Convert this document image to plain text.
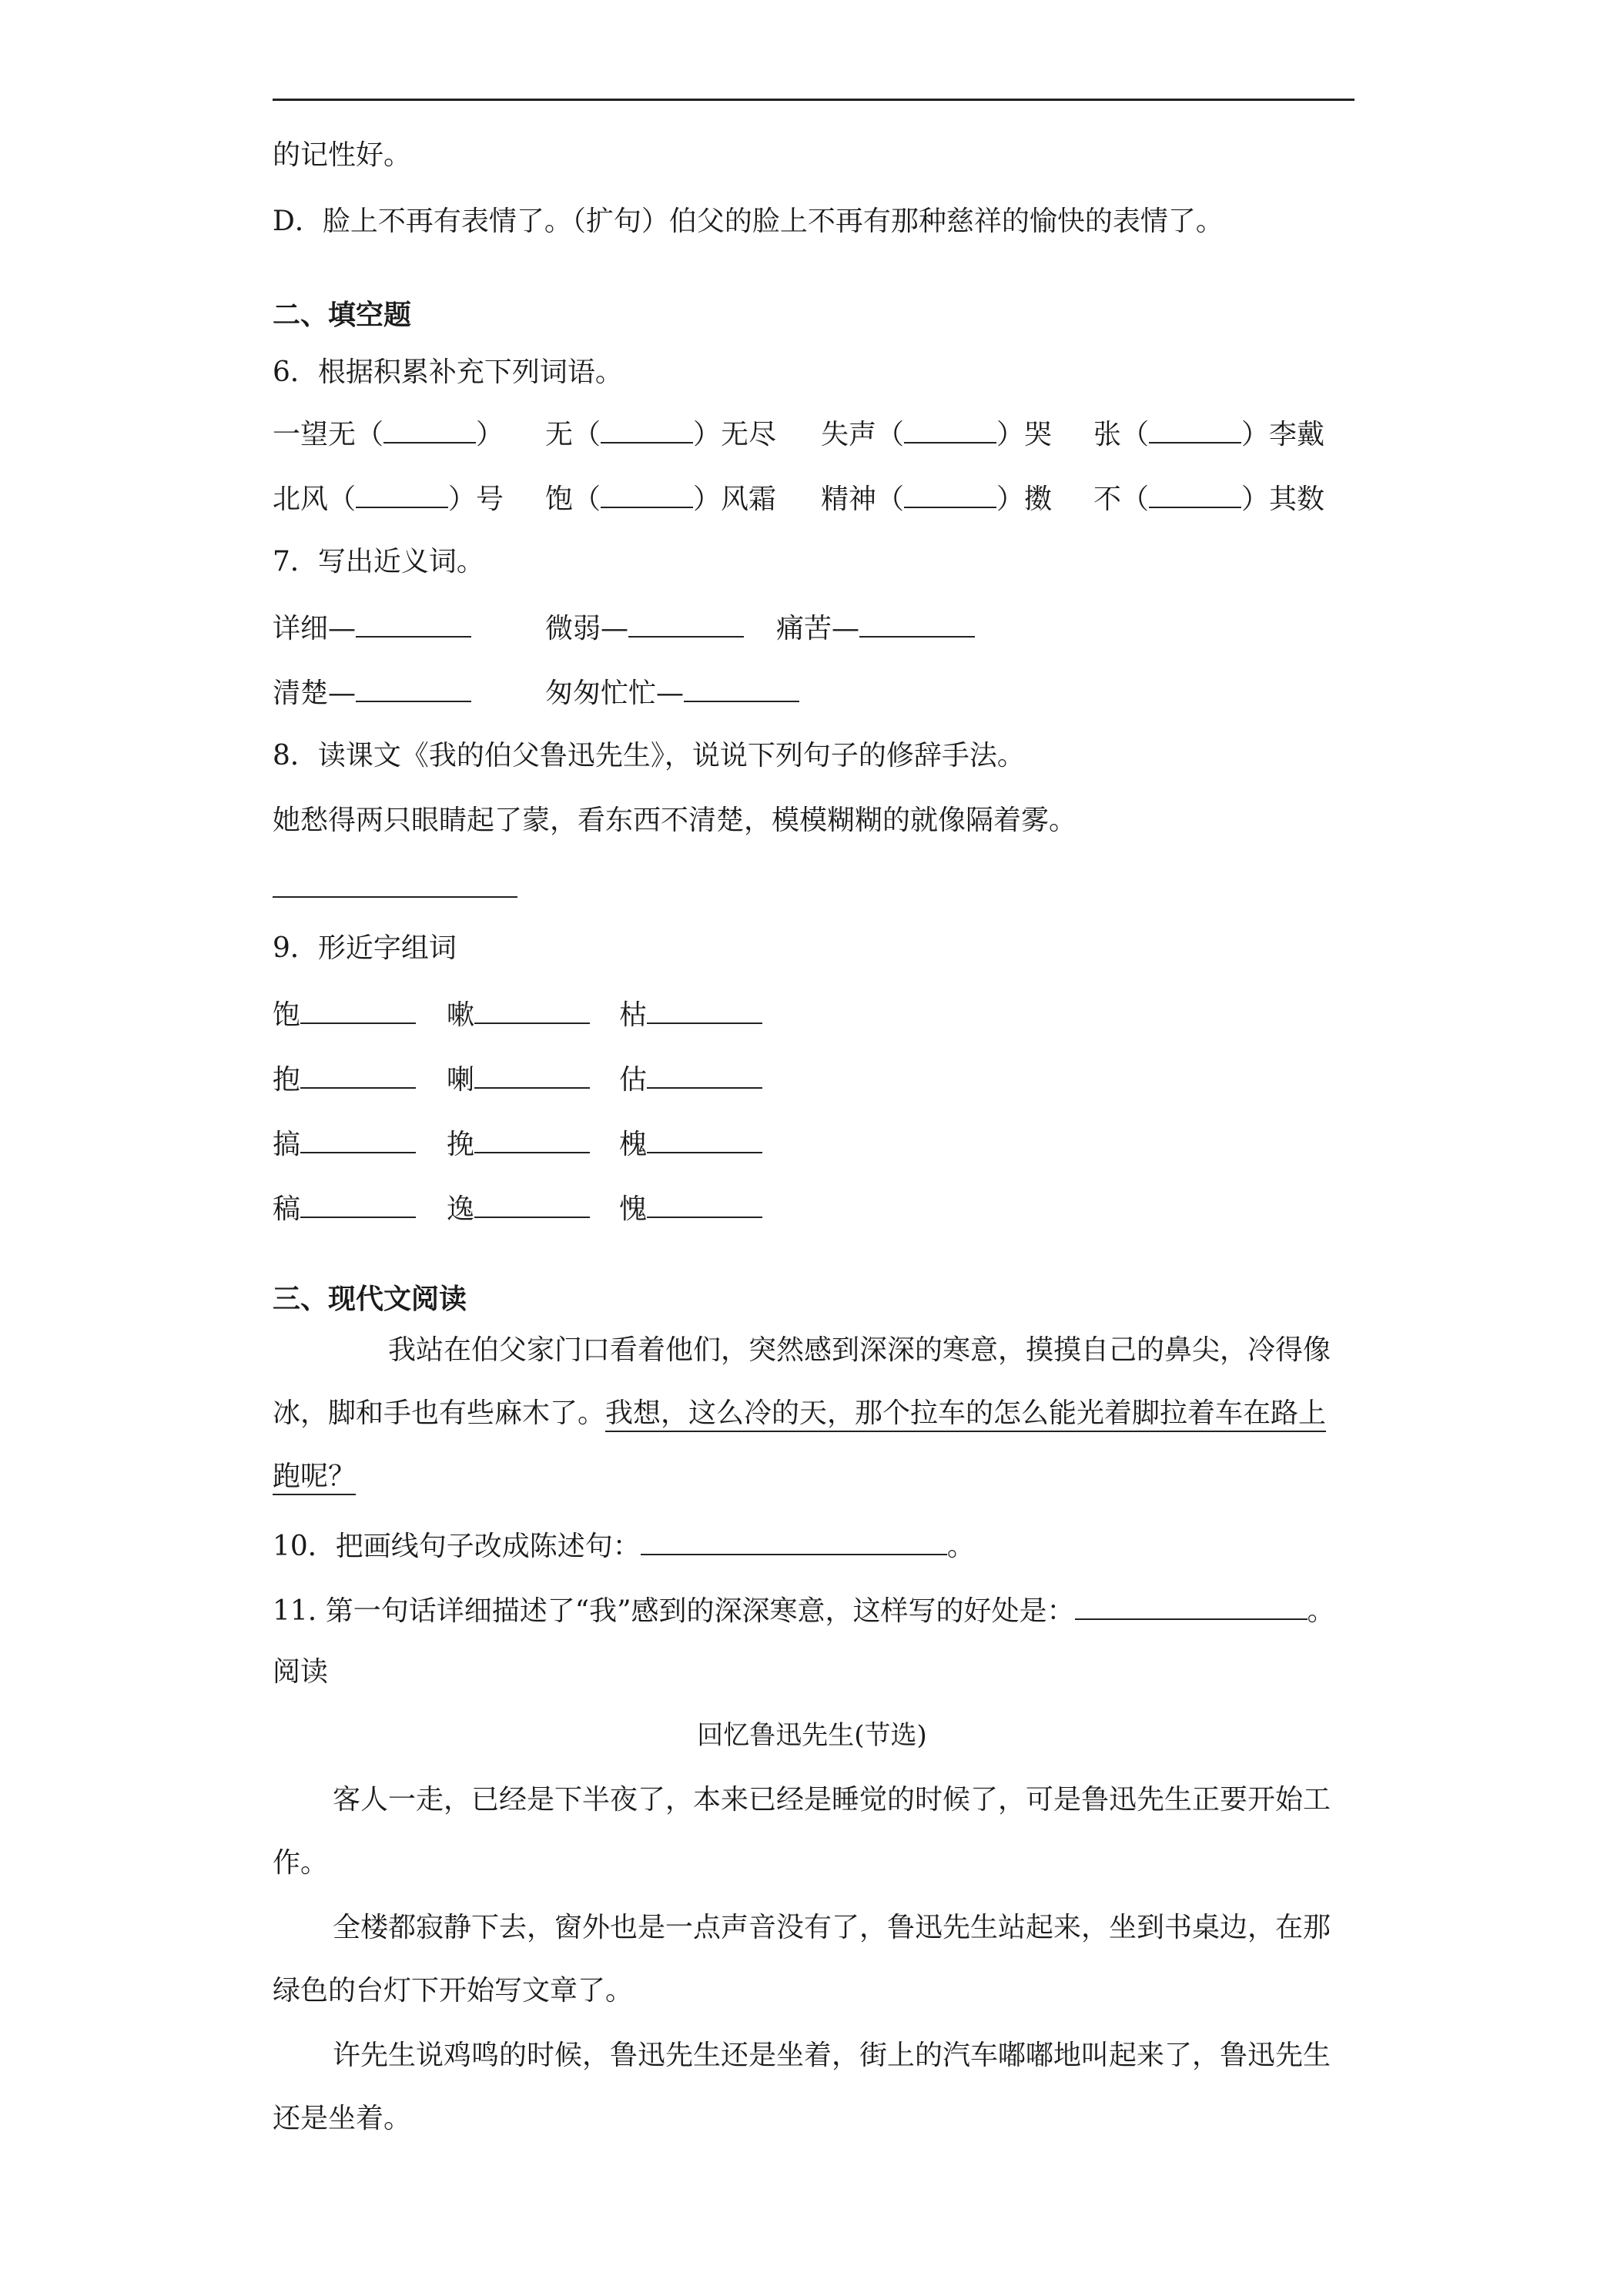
的记性好。
D．脸上不再有表情了。（扩句）伯父的脸上不再有那种慈祥的愉快的表情了。
二、填空题
6．根据积累补充下列词语。
一望无（	） 无（	）无尽 失声（	）哭 张（	）李戴
北风（	）号 饱（	）风霜 精神（	）擞 不（	）其数
7．写出近义词。
详细—	微弱—	痛苦—
清楚—	匆匆忙忙—
8．读课文《我的伯父鲁迅先生》，说说下列句子的修辞手法。
她愁得两只眼睛起了蒙，看东西不清楚，模模糊糊的就像隔着雾。
9．形近字组词
饱	嗽	枯
抱	喇	估
搞	挽	槐
稿	逸	愧
三、现代文阅读
我站在伯父家门口看着他们，突然感到深深的寒意，摸摸自己的鼻尖，冷得像
冰，脚和手也有些麻木了。我想，这么冷的天，那个拉车的怎么能光着脚拉着车在路上
跑呢？
10．把画线句子改成陈述句：	。
11. 第一句话详细描述了“我”感到的深深寒意，这样写的好处是：	。
阅读
回忆鲁迅先生(节选)
客人一走，已经是下半夜了，本来已经是睡觉的时候了，可是鲁迅先生正要开始工
作。
全楼都寂静下去，窗外也是一点声音没有了，鲁迅先生站起来，坐到书桌边，在那
绿色的台灯下开始写文章了。
许先生说鸡鸣的时候，鲁迅先生还是坐着，街上的汽车嘟嘟地叫起来了，鲁迅先生
还是坐着。
